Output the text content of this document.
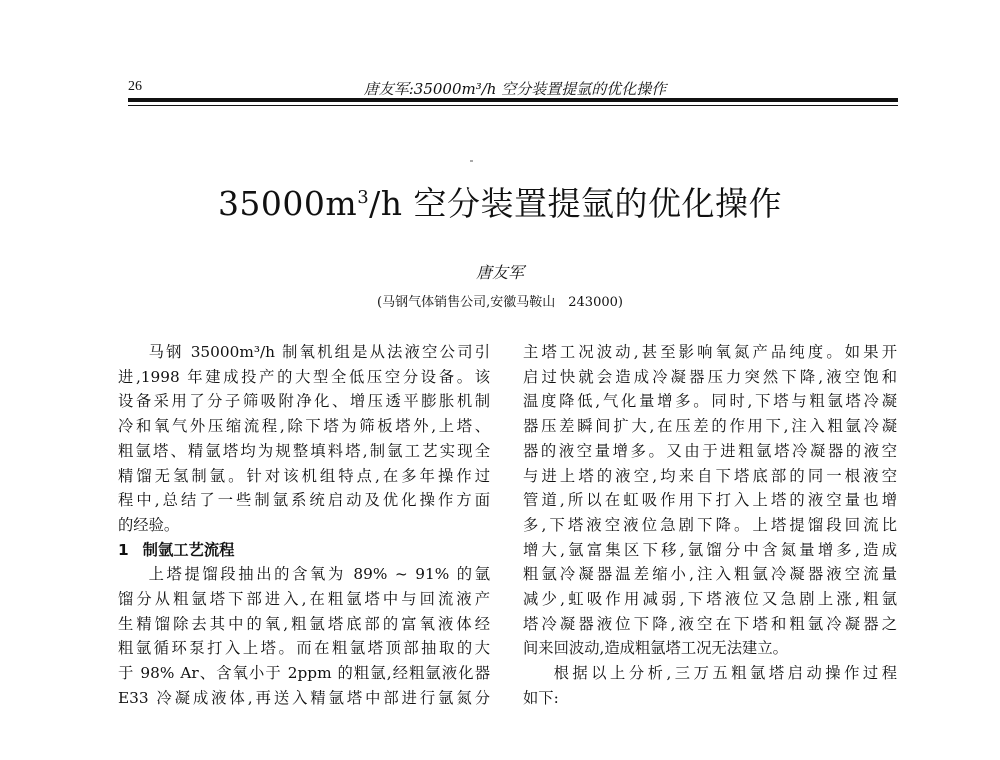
26	唐友军:35000m³/h 空分装置提氩的优化操作
$35000m^3/h$ 空分装置提氩的优化操作
唐友军
(马钢气体销售公司,安徽马鞍山　243000)
马钢 35000m³/h 制氧机组是从法液空公司引
进,1998 年建成投产的大型全低压空分设备。该
设备采用了分子筛吸附净化、增压透平膨胀机制
冷和氧气外压缩流程,除下塔为筛板塔外,上塔、
粗氩塔、精氩塔均为规整填料塔,制氩工艺实现全
精馏无氢制氩。针对该机组特点,在多年操作过
程中,总结了一些制氩系统启动及优化操作方面
的经验。
1 制氩工艺流程
上塔提馏段抽出的含氧为 89% ~ 91% 的氩
馏分从粗氩塔下部进入,在粗氩塔中与回流液产
生精馏除去其中的氧,粗氩塔底部的富氧液体经
粗氩循环泵打入上塔。而在粗氩塔顶部抽取的大
于 98% Ar、含氧小于 2ppm 的粗氩,经粗氩液化器
E33 冷凝成液体,再送入精氩塔中部进行氩氮分
主塔工况波动,甚至影响氧氮产品纯度。如果开
启过快就会造成冷凝器压力突然下降,液空饱和
温度降低,气化量增多。同时,下塔与粗氩塔冷凝
器压差瞬间扩大,在压差的作用下,注入粗氩冷凝
器的液空量增多。又由于进粗氩塔冷凝器的液空
与进上塔的液空,均来自下塔底部的同一根液空
管道,所以在虹吸作用下打入上塔的液空量也增
多,下塔液空液位急剧下降。上塔提馏段回流比
增大,氩富集区下移,氩馏分中含氮量增多,造成
粗氩冷凝器温差缩小,注入粗氩冷凝器液空流量
减少,虹吸作用减弱,下塔液位又急剧上涨,粗氩
塔冷凝器液位下降,液空在下塔和粗氩冷凝器之
间来回波动,造成粗氩塔工况无法建立。
根据以上分析,三万五粗氩塔启动操作过程
如下:
